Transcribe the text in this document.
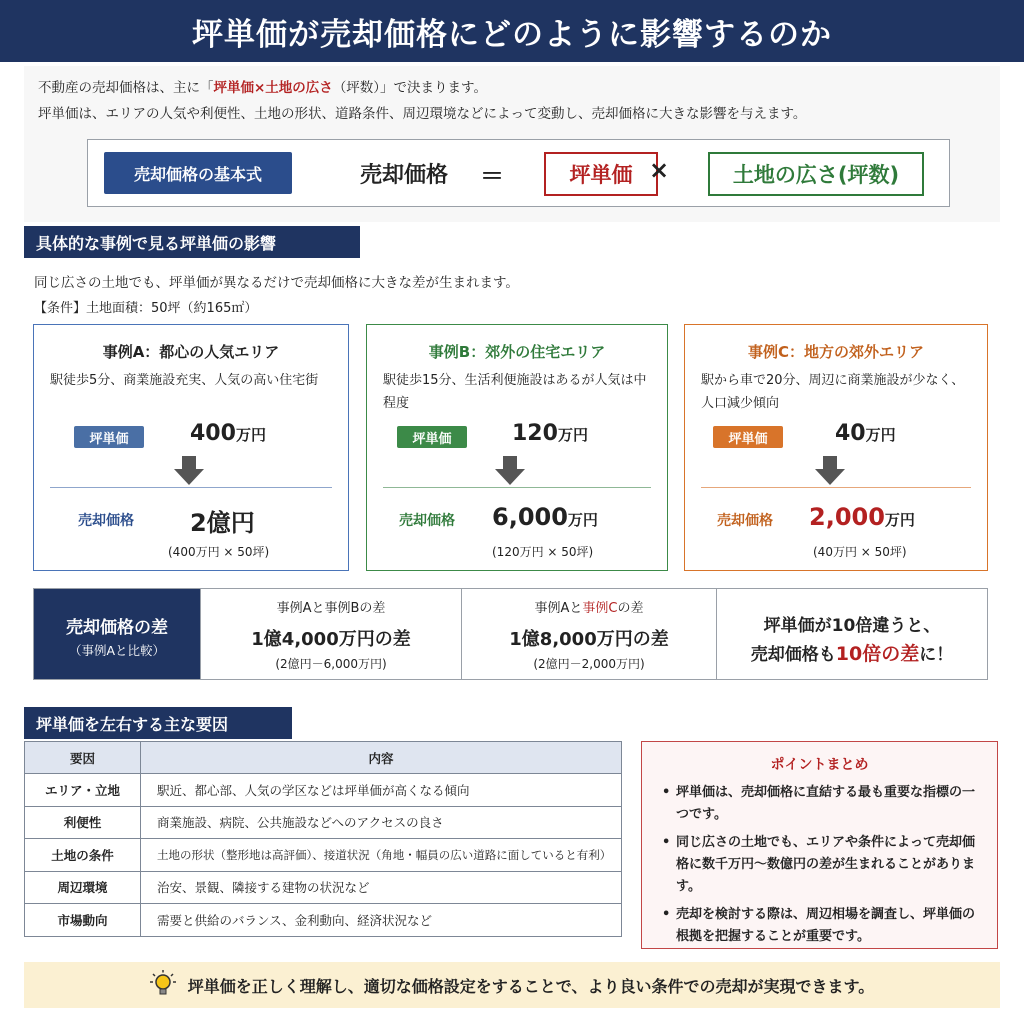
坪単価が売却価格にどのように影響するのか
不動産の売却価格は、主に「坪単価×土地の広さ（坪数）」で決まります。
坪単価は、エリアの人気や利便性、土地の形状、道路条件、周辺環境などによって変動し、売却価格に大きな影響を与えます。
売却価格の基本式	売却価格 ＝	坪単価 ×	土地の広さ(坪数)
具体的な事例で見る坪単価の影響
同じ広さの土地でも、坪単価が異なるだけで売却価格に大きな差が生まれます。
【条件】土地面積：50坪（約165㎡）
事例A：都心の人気エリア
駅徒歩5分、商業施設充実、人気の高い住宅街
坪単価	400万円
売却価格 2億円
(400万円 × 50坪)
事例B：郊外の住宅エリア
駅徒歩15分、生活利便施設はあるが人気は中程度
坪単価	120万円
売却価格 6,000万円
(120万円 × 50坪)
事例C：地方の郊外エリア
駅から車で20分、周辺に商業施設が少なく、人口減少傾向
坪単価	40万円
売却価格 2,000万円
(40万円 × 50坪)
売却価格の差
（事例Aと比較）
事例Aと事例Bの差
1億4,000万円の差
(2億円－6,000万円)
事例Aと事例Cの差
1億8,000万円の差
(2億円－2,000万円)
坪単価が10倍違うと、
売却価格も10倍の差に！
坪単価を左右する主な要因
要因	内容
エリア・立地	駅近、都心部、人気の学区などは坪単価が高くなる傾向
利便性	商業施設、病院、公共施設などへのアクセスの良さ
土地の条件	土地の形状（整形地は高評価）、接道状況（角地・幅員の広い道路に面していると有利）
周辺環境	治安、景観、隣接する建物の状況など
市場動向	需要と供給のバランス、金利動向、経済状況など
ポイントまとめ
• 坪単価は、売却価格に直結する最も重要な指標の一つです。
• 同じ広さの土地でも、エリアや条件によって売却価格に数千万円～数億円の差が生まれることがあります。
• 売却を検討する際は、周辺相場を調査し、坪単価の根拠を把握することが重要です。
坪単価を正しく理解し、適切な価格設定をすることで、より良い条件での売却が実現できます。
